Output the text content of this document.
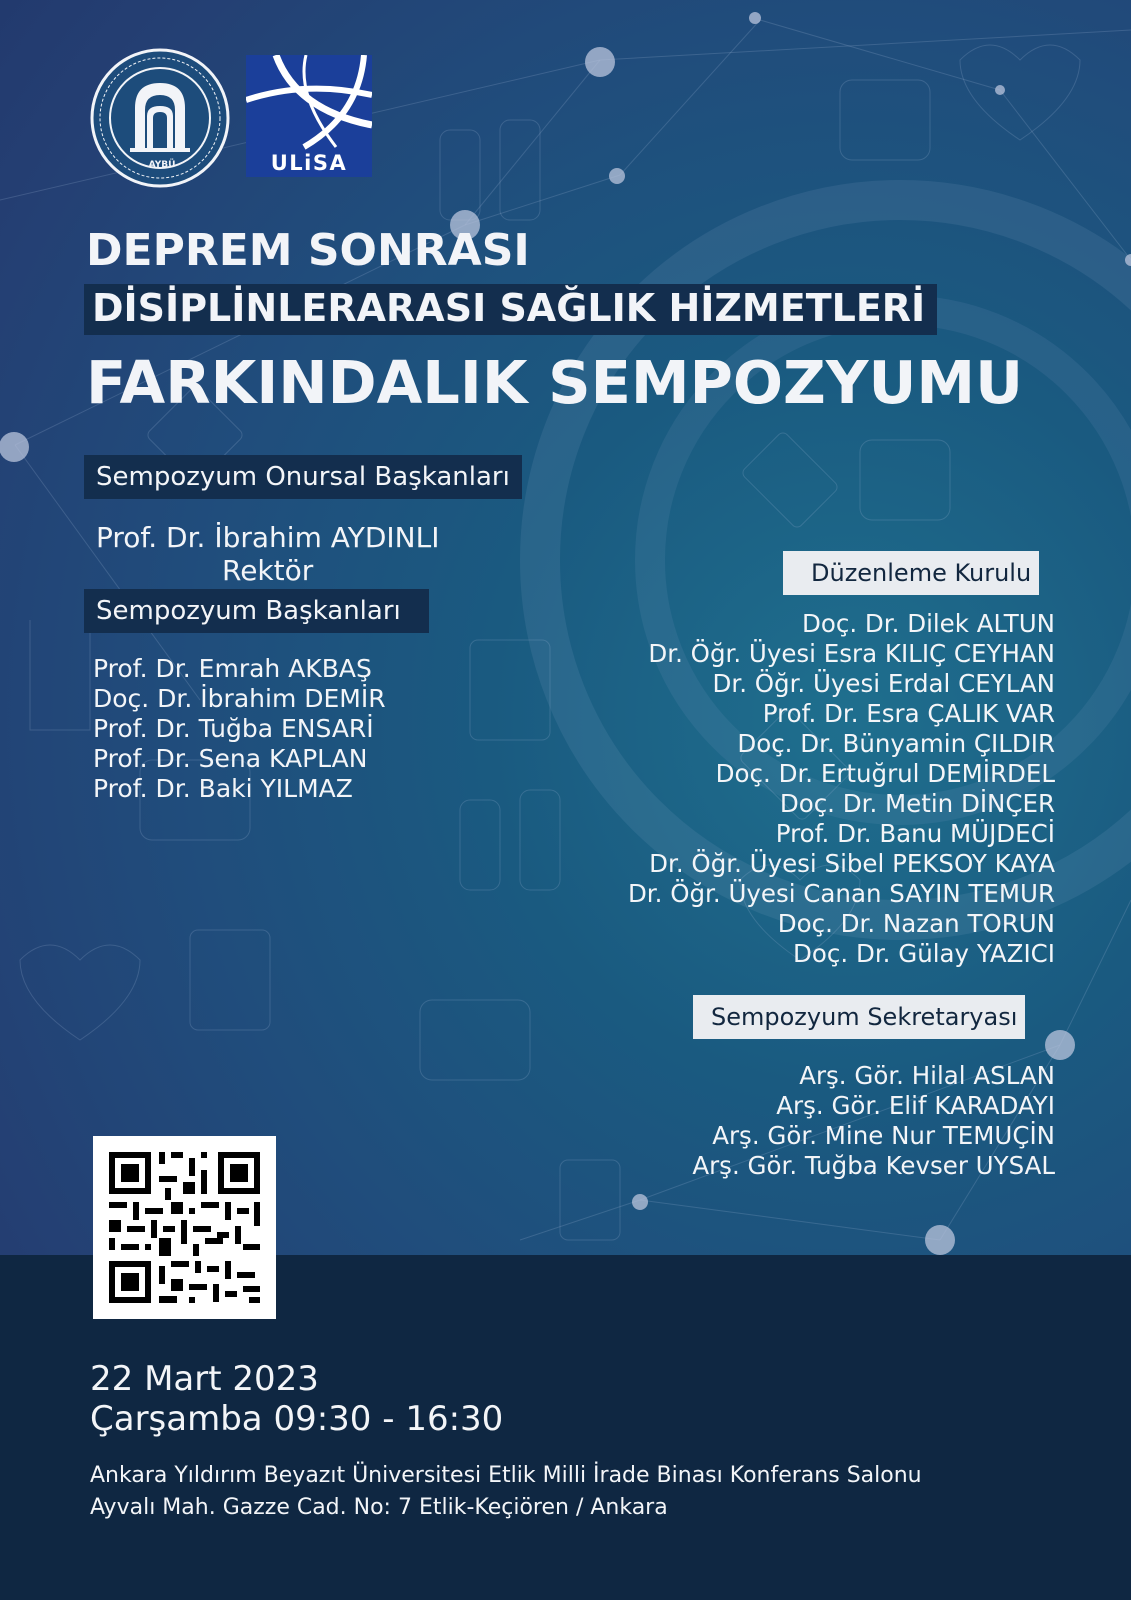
AYBÜ	ULiSA
DEPREM SONRASI
DİSİPLİNLERARASI SAĞLIK HİZMETLERİ
FARKINDALIK SEMPOZYUMU
Sempozyum Onursal Başkanları
Prof. Dr. İbrahim AYDINLI
Rektör
Sempozyum Başkanları
Prof. Dr. Emrah AKBAŞ
Doç. Dr. İbrahim DEMİR
Prof. Dr. Tuğba ENSARİ
Prof. Dr. Sena KAPLAN
Prof. Dr. Baki YILMAZ
Düzenleme Kurulu
Doç. Dr. Dilek ALTUN
Dr. Öğr. Üyesi Esra KILIÇ CEYHAN
Dr. Öğr. Üyesi Erdal CEYLAN
Prof. Dr. Esra ÇALIK VAR
Doç. Dr. Bünyamin ÇILDIR
Doç. Dr. Ertuğrul DEMİRDEL
Doç. Dr. Metin DİNÇER
Prof. Dr. Banu MÜJDECİ
Dr. Öğr. Üyesi Sibel PEKSOY KAYA
Dr. Öğr. Üyesi Canan SAYIN TEMUR
Doç. Dr. Nazan TORUN
Doç. Dr. Gülay YAZICI
Sempozyum Sekretaryası
Arş. Gör. Hilal ASLAN
Arş. Gör. Elif KARADAYI
Arş. Gör. Mine Nur TEMUÇİN
Arş. Gör. Tuğba Kevser UYSAL
22 Mart 2023
Çarşamba 09:30 - 16:30
Ankara Yıldırım Beyazıt Üniversitesi Etlik Milli İrade Binası Konferans Salonu
Ayvalı Mah. Gazze Cad. No: 7 Etlik-Keçiören / Ankara
